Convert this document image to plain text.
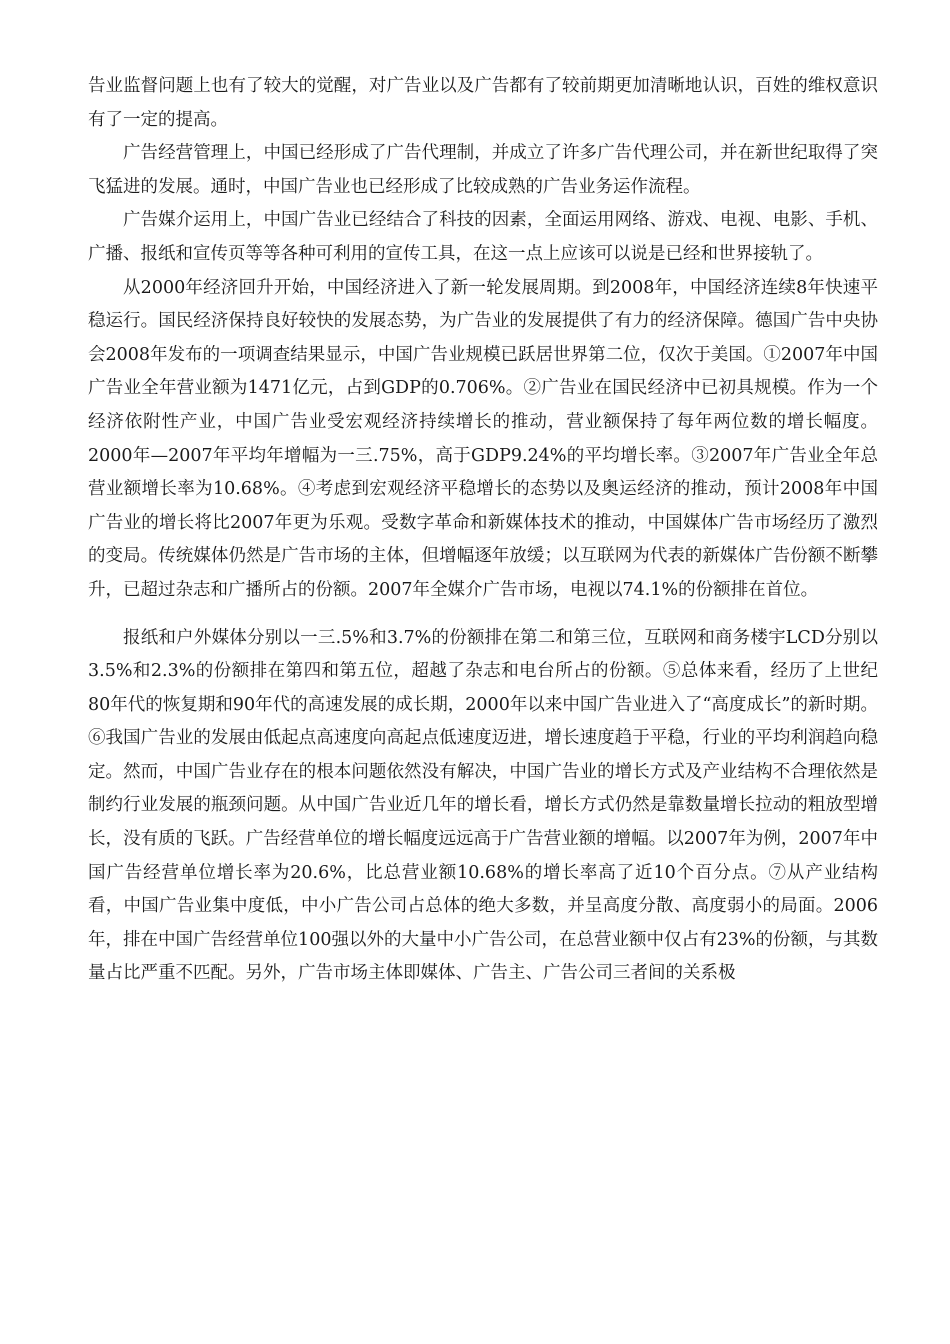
告业监督问题上也有了较大的觉醒，对广告业以及广告都有了较前期更加清晰地认识，百姓的维权意识有了一定的提高。

广告经营管理上，中国已经形成了广告代理制，并成立了许多广告代理公司，并在新世纪取得了突飞猛进的发展。通时，中国广告业也已经形成了比较成熟的广告业务运作流程。

广告媒介运用上，中国广告业已经结合了科技的因素，全面运用网络、游戏、电视、电影、手机、广播、报纸和宣传页等等各种可利用的宣传工具，在这一点上应该可以说是已经和世界接轨了。

从2000年经济回升开始，中国经济进入了新一轮发展周期。到2008年，中国经济连续8年快速平稳运行。国民经济保持良好较快的发展态势，为广告业的发展提供了有力的经济保障。德国广告中央协会2008年发布的一项调查结果显示，中国广告业规模已跃居世界第二位，仅次于美国。①2007年中国广告业全年营业额为1471亿元，占到GDP的0.706%。②广告业在国民经济中已初具规模。作为一个经济依附性产业，中国广告业受宏观经济持续增长的推动，营业额保持了每年两位数的增长幅度。2000年—2007年平均年增幅为一三.75%，高于GDP9.24%的平均增长率。③2007年广告业全年总营业额增长率为10.68%。④考虑到宏观经济平稳增长的态势以及奥运经济的推动，预计2008年中国广告业的增长将比2007年更为乐观。受数字革命和新媒体技术的推动，中国媒体广告市场经历了激烈的变局。传统媒体仍然是广告市场的主体，但增幅逐年放缓；以互联网为代表的新媒体广告份额不断攀升，已超过杂志和广播所占的份额。2007年全媒介广告市场，电视以74.1%的份额排在首位。

报纸和户外媒体分别以一三.5%和3.7%的份额排在第二和第三位，互联网和商务楼宇LCD分别以3.5%和2.3%的份额排在第四和第五位，超越了杂志和电台所占的份额。⑤总体来看，经历了上世纪80年代的恢复期和90年代的高速发展的成长期，2000年以来中国广告业进入了“高度成长”的新时期。⑥我国广告业的发展由低起点高速度向高起点低速度迈进，增长速度趋于平稳，行业的平均利润趋向稳定。然而，中国广告业存在的根本问题依然没有解决，中国广告业的增长方式及产业结构不合理依然是制约行业发展的瓶颈问题。从中国广告业近几年的增长看，增长方式仍然是靠数量增长拉动的粗放型增长，没有质的飞跃。广告经营单位的增长幅度远远高于广告营业额的增幅。以2007年为例，2007年中国广告经营单位增长率为20.6%，比总营业额10.68%的增长率高了近10个百分点。⑦从产业结构看，中国广告业集中度低，中小广告公司占总体的绝大多数，并呈高度分散、高度弱小的局面。2006年，排在中国广告经营单位100强以外的大量中小广告公司，在总营业额中仅占有23%的份额，与其数量占比严重不匹配。另外，广告市场主体即媒体、广告主、广告公司三者间的关系极
